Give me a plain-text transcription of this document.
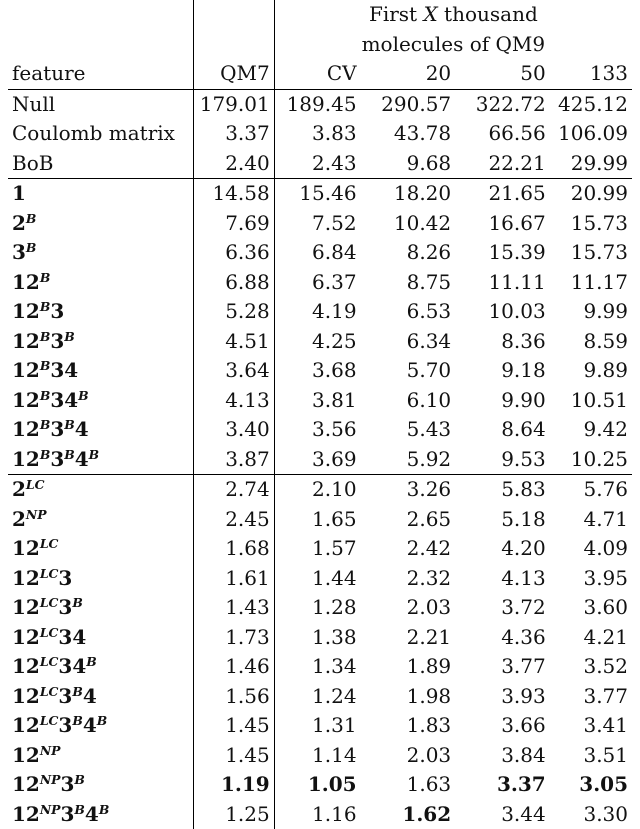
		First X thousand			
		molecules of QM9			
feature	QM7	CV	20	50	133
Null	179.01	189.45	290.57	322.72	425.12
Coulomb matrix	3.37	3.83	43.78	66.56	106.09
BoB	2.40	2.43	9.68	22.21	29.99
1	14.58	15.46	18.20	21.65	20.99
$2^B$	7.69	7.52	10.42	16.67	15.73
$3^B$	6.36	6.84	8.26	15.39	15.73
$12^B$	6.88	6.37	8.75	11.11	11.17
$12^B3$	5.28	4.19	6.53	10.03	9.99
$12^B3^B$	4.51	4.25	6.34	8.36	8.59
$12^B34$	3.64	3.68	5.70	9.18	9.89
$12^B34^B$	4.13	3.81	6.10	9.90	10.51
$12^B3^B4$	3.40	3.56	5.43	8.64	9.42
$12^B3^B4^B$	3.87	3.69	5.92	9.53	10.25
$2^{LC}$	2.74	2.10	3.26	5.83	5.76
$2^{NP}$	2.45	1.65	2.65	5.18	4.71
$12^{LC}$	1.68	1.57	2.42	4.20	4.09
$12^{LC}3$	1.61	1.44	2.32	4.13	3.95
$12^{LC}3^B$	1.43	1.28	2.03	3.72	3.60
$12^{LC}34$	1.73	1.38	2.21	4.36	4.21
$12^{LC}34^B$	1.46	1.34	1.89	3.77	3.52
$12^{LC}3^B4$	1.56	1.24	1.98	3.93	3.77
$12^{LC}3^B4^B$	1.45	1.31	1.83	3.66	3.41
$12^{NP}$	1.45	1.14	2.03	3.84	3.51
$12^{NP}3^B$	1.19	1.05	1.63	3.37	3.05
$12^{NP}3^B4^B$	1.25	1.16	1.62	3.44	3.30
